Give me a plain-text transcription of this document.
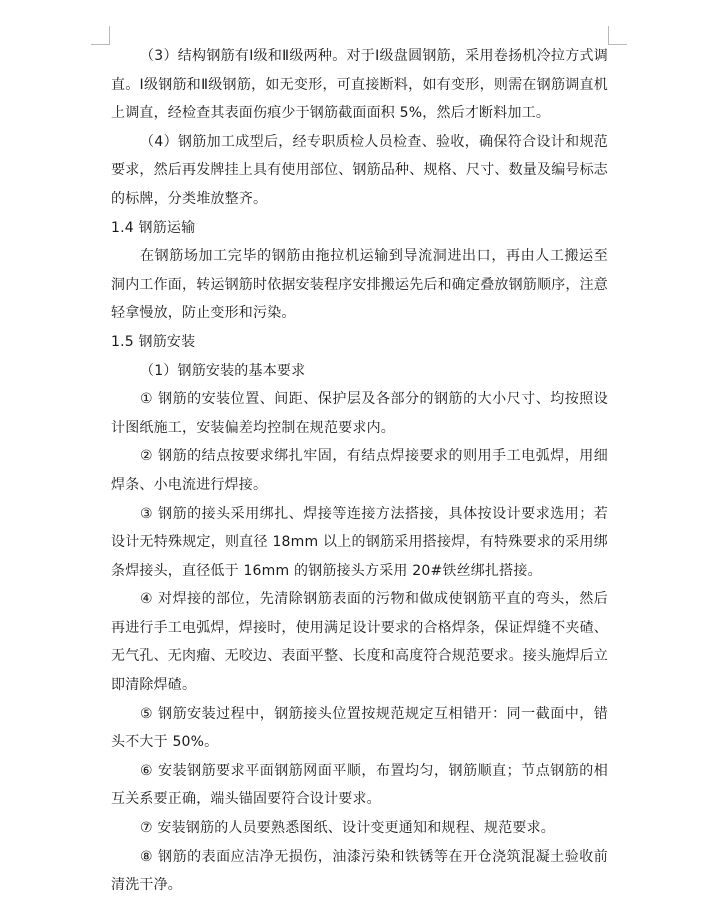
（3）结构钢筋有Ⅰ级和Ⅱ级两种。对于Ⅰ级盘圆钢筋，采用卷扬机冷拉方式调直。Ⅰ级钢筋和Ⅱ级钢筋，如无变形，可直接断料，如有变形，则需在钢筋调直机上调直，经检查其表面伤痕少于钢筋截面面积 5%，然后才断料加工。

（4）钢筋加工成型后，经专职质检人员检查、验收，确保符合设计和规范要求，然后再发牌挂上具有使用部位、钢筋品种、规格、尺寸、数量及编号标志的标牌，分类堆放整齐。

1.4 钢筋运输

在钢筋场加工完毕的钢筋由拖拉机运输到导流洞进出口，再由人工搬运至洞内工作面，转运钢筋时依据安装程序安排搬运先后和确定叠放钢筋顺序，注意轻拿慢放，防止变形和污染。

1.5 钢筋安装

（1）钢筋安装的基本要求

① 钢筋的安装位置、间距、保护层及各部分的钢筋的大小尺寸、均按照设计图纸施工，安装偏差均控制在规范要求内。

② 钢筋的结点按要求绑扎牢固，有结点焊接要求的则用手工电弧焊，用细焊条、小电流进行焊接。

③ 钢筋的接头采用绑扎、焊接等连接方法搭接，具体按设计要求选用；若设计无特殊规定，则直径 18mm 以上的钢筋采用搭接焊，有特殊要求的采用绑条焊接头，直径低于 16mm 的钢筋接头方采用 20#铁丝绑扎搭接。

④ 对焊接的部位，先清除钢筋表面的污物和做成使钢筋平直的弯头，然后再进行手工电弧焊，焊接时，使用满足设计要求的合格焊条，保证焊缝不夹碴、无气孔、无肉瘤、无咬边、表面平整、长度和高度符合规范要求。接头施焊后立即清除焊碴。

⑤ 钢筋安装过程中，钢筋接头位置按规范规定互相错开：同一截面中，错头不大于 50%。

⑥ 安装钢筋要求平面钢筋网面平顺，布置均匀，钢筋顺直；节点钢筋的相互关系要正确，端头锚固要符合设计要求。

⑦ 安装钢筋的人员要熟悉图纸、设计变更通知和规程、规范要求。

⑧ 钢筋的表面应洁净无损伤，油漆污染和铁锈等在开仓浇筑混凝土验收前清洗干净。
